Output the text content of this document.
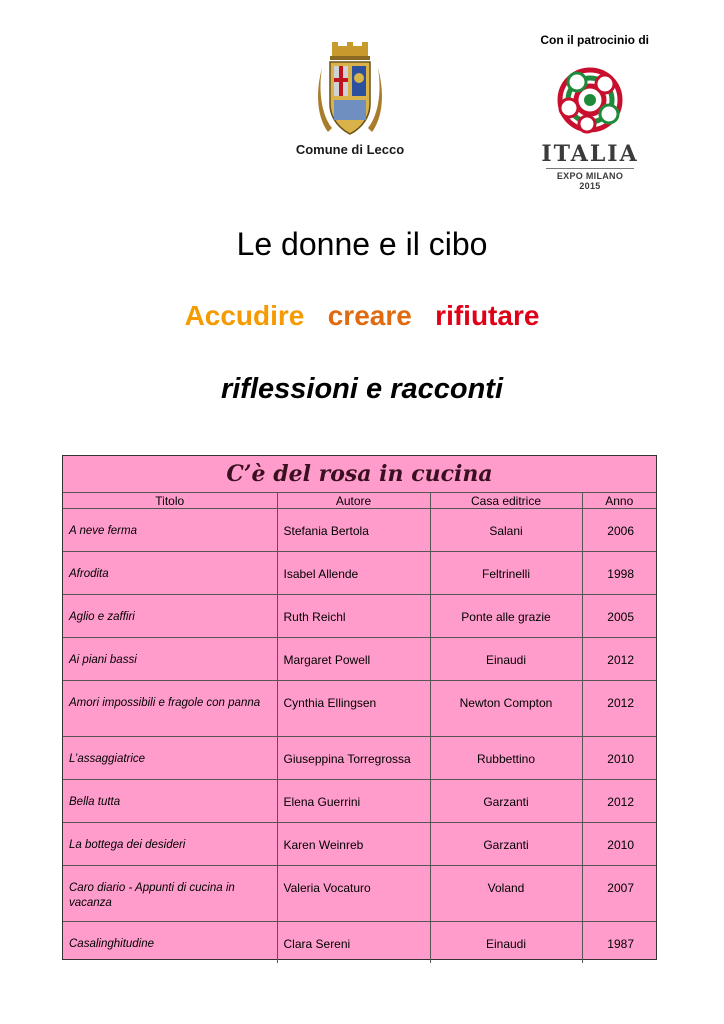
Con il patrocinio di
Comune di Lecco	ITALIA
EXPO MILANO 2015
Le donne e il cibo
Accudire creare rifiutare
riflessioni e racconti
C’è del rosa in cucina
Titolo	Autore	Casa editrice	Anno
A neve ferma	Stefania Bertola	Salani	2006
Afrodita	Isabel Allende	Feltrinelli	1998
Aglio e zaffiri	Ruth Reichl	Ponte alle grazie	2005
Ai piani bassi	Margaret Powell	Einaudi	2012
Amori impossibili e fragole con panna	Cynthia Ellingsen	Newton Compton	2012
L’assaggiatrice	Giuseppina Torregrossa	Rubbettino	2010
Bella tutta	Elena Guerrini	Garzanti	2012
La bottega dei desideri	Karen Weinreb	Garzanti	2010
Caro diario - Appunti di cucina in vacanza	Valeria Vocaturo	Voland	2007
Casalinghitudine	Clara Sereni	Einaudi	1987
